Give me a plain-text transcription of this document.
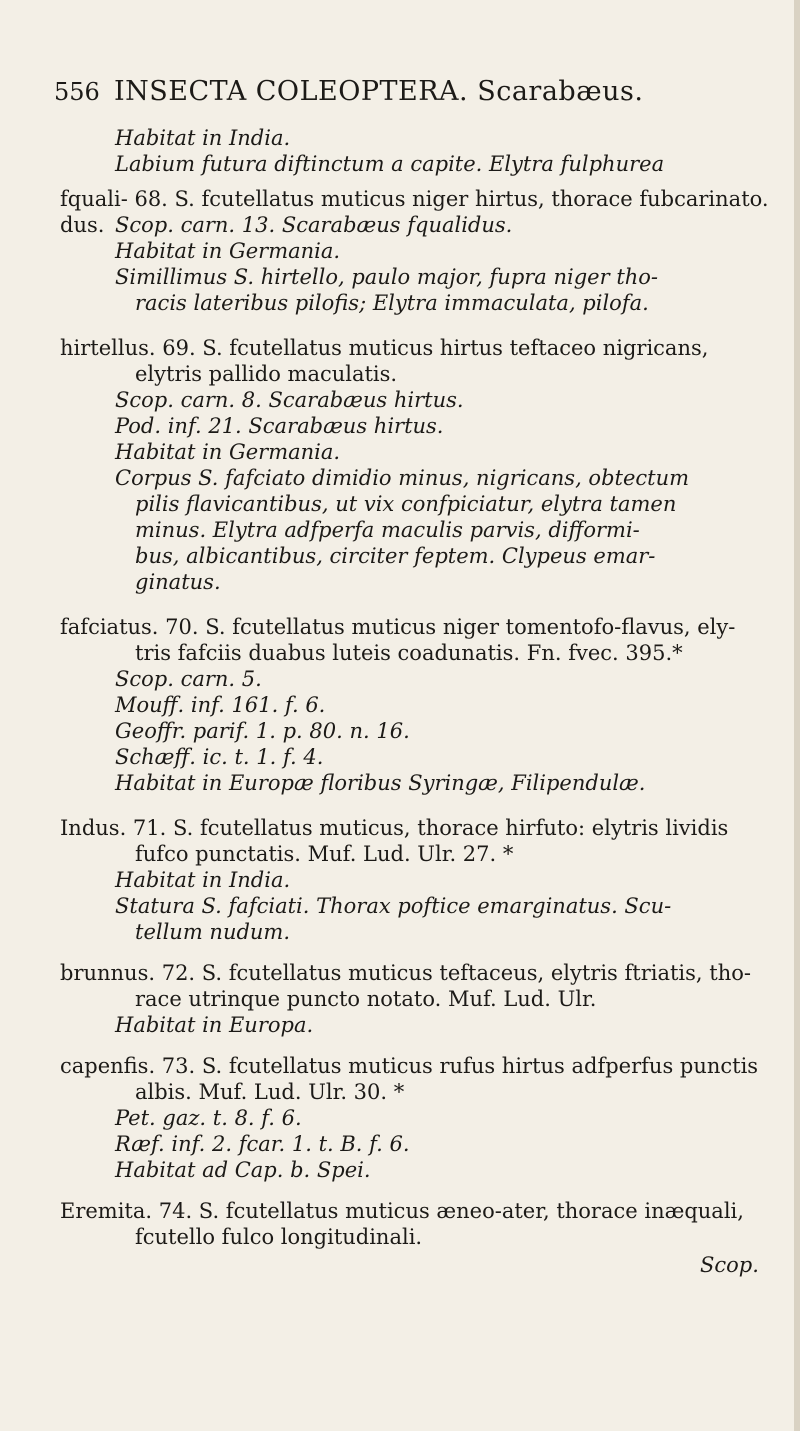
556 INSECTA COLEOPTERA. Scarabæus.
Habitat in India.
Labium futura diftinctum a capite. Elytra fulphurea
fquali- 68. S. fcutellatus muticus niger hirtus, thorace fubcarinato.
dus. Scop. carn. 13. Scarabæus fqualidus.
Habitat in Germania.
Simillimus S. hirtello, paulo major, fupra niger tho-
racis lateribus pilofis; Elytra immaculata, pilofa.
hirtellus. 69. S. fcutellatus muticus hirtus teftaceo nigricans,
elytris pallido maculatis.
Scop. carn. 8. Scarabæus hirtus.
Pod. inf. 21. Scarabæus hirtus.
Habitat in Germania.
Corpus S. fafciato dimidio minus, nigricans, obtectum
pilis flavicantibus, ut vix confpiciatur, elytra tamen
minus. Elytra adfperfa maculis parvis, difformi-
bus, albicantibus, circiter feptem. Clypeus emar-
ginatus.
fafciatus. 70. S. fcutellatus muticus niger tomentofo-flavus, ely-
tris fafciis duabus luteis coadunatis. Fn. fvec. 395.*
Scop. carn. 5.
Mouff. inf. 161. f. 6.
Geoffr. parif. 1. p. 80. n. 16.
Schæff. ic. t. 1. f. 4.
Habitat in Europæ floribus Syringæ, Filipendulæ.
Indus. 71. S. fcutellatus muticus, thorace hirfuto: elytris lividis
fufco punctatis. Muf. Lud. Ulr. 27. *
Habitat in India.
Statura S. fafciati. Thorax poftice emarginatus. Scu-
tellum nudum.
brunnus. 72. S. fcutellatus muticus teftaceus, elytris ftriatis, tho-
race utrinque puncto notato. Muf. Lud. Ulr.
Habitat in Europa.
capenfis. 73. S. fcutellatus muticus rufus hirtus adfperfus punctis
albis. Muf. Lud. Ulr. 30. *
Pet. gaz. t. 8. f. 6.
Ræf. inf. 2. fcar. 1. t. B. f. 6.
Habitat ad Cap. b. Spei.
Eremita. 74. S. fcutellatus muticus æneo-ater, thorace inæquali,
fcutello fulco longitudinali.
Scop.
